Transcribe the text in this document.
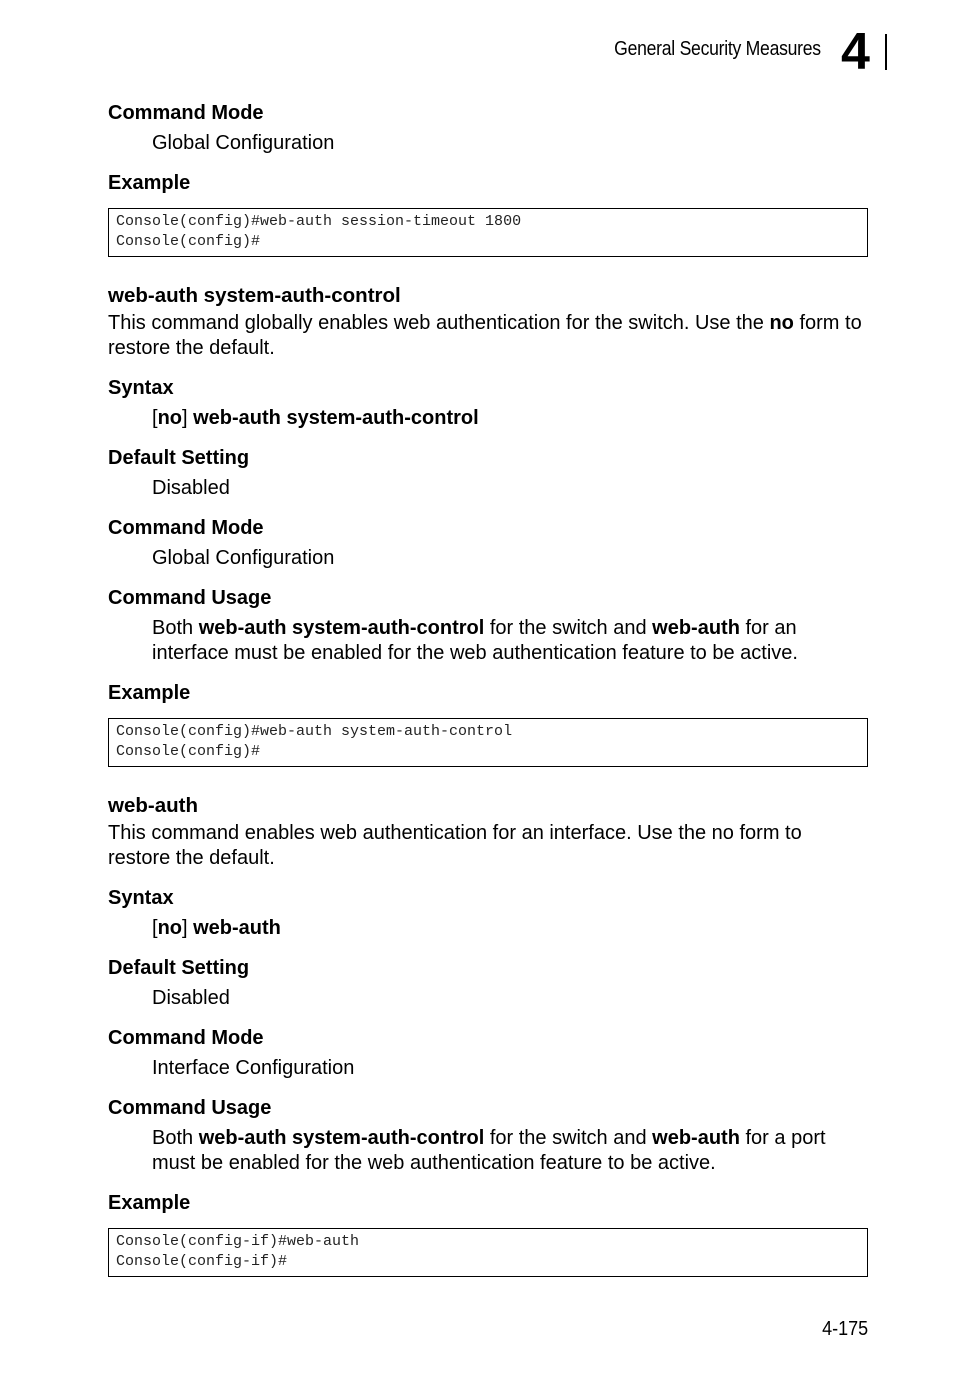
General Security Measures 4
Command Mode
Global Configuration
Example
Console(config)#web-auth session-timeout 1800
Console(config)#
web-auth system-auth-control
This command globally enables web authentication for the switch. Use the no form to restore the default.
Syntax
[no] web-auth system-auth-control
Default Setting
Disabled
Command Mode
Global Configuration
Command Usage
Both web-auth system-auth-control for the switch and web-auth for an interface must be enabled for the web authentication feature to be active.
Example
Console(config)#web-auth system-auth-control
Console(config)#
web-auth
This command enables web authentication for an interface. Use the no form to restore the default.
Syntax
[no] web-auth
Default Setting
Disabled
Command Mode
Interface Configuration
Command Usage
Both web-auth system-auth-control for the switch and web-auth for a port must be enabled for the web authentication feature to be active.
Example
Console(config-if)#web-auth
Console(config-if)#
4-175
